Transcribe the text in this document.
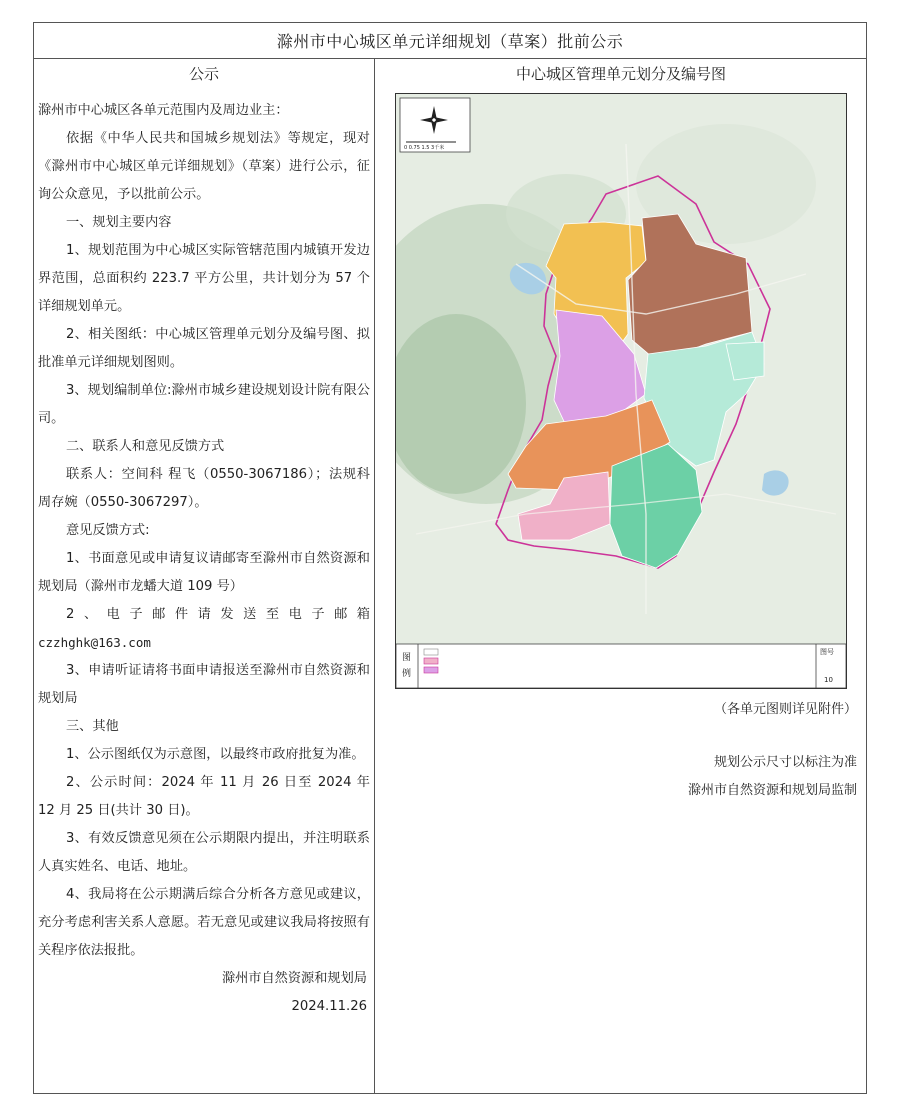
滁州市中心城区单元详细规划（草案）批前公示
公示

滁州市中心城区各单元范围内及周边业主：

依据《中华人民共和国城乡规划法》等规定，现对《滁州市中心城区单元详细规划》（草案）进行公示，征询公众意见，予以批前公示。

一、规划主要内容

1、规划范围为中心城区实际管辖范围内城镇开发边界范围，总面积约 223.7 平方公里，共计划分为 57 个详细规划单元。

2、相关图纸：中心城区管理单元划分及编号图、拟批准单元详细规划图则。

3、规划编制单位:滁州市城乡建设规划设计院有限公司。

二、联系人和意见反馈方式

联系人：空间科 程飞（0550-3067186）；法规科 周存婉（0550-3067297）。

意见反馈方式:

1、书面意见或申请复议请邮寄至滁州市自然资源和规划局（滁州市龙蟠大道 109 号）

2、电子邮件请发送至电子邮箱

czzhghk@163.com

3、申请听证请将书面申请报送至滁州市自然资源和规划局

三、其他

1、公示图纸仅为示意图，以最终市政府批复为准。

2、公示时间：2024 年 11 月 26 日至 2024 年 12 月 25 日(共计 30 日)。

3、有效反馈意见须在公示期限内提出，并注明联系人真实姓名、电话、地址。

4、我局将在公示期满后综合分析各方意见或建议，充分考虑利害关系人意愿。若无意见或建议我局将按照有关程序依法报批。

滁州市自然资源和规划局

2024.11.26

中心城区管理单元划分及编号图
0 0.75 1.5 3千米
图
例
图号
10
（各单元图则详见附件）
规划公示尺寸以标注为准
滁州市自然资源和规划局监制
